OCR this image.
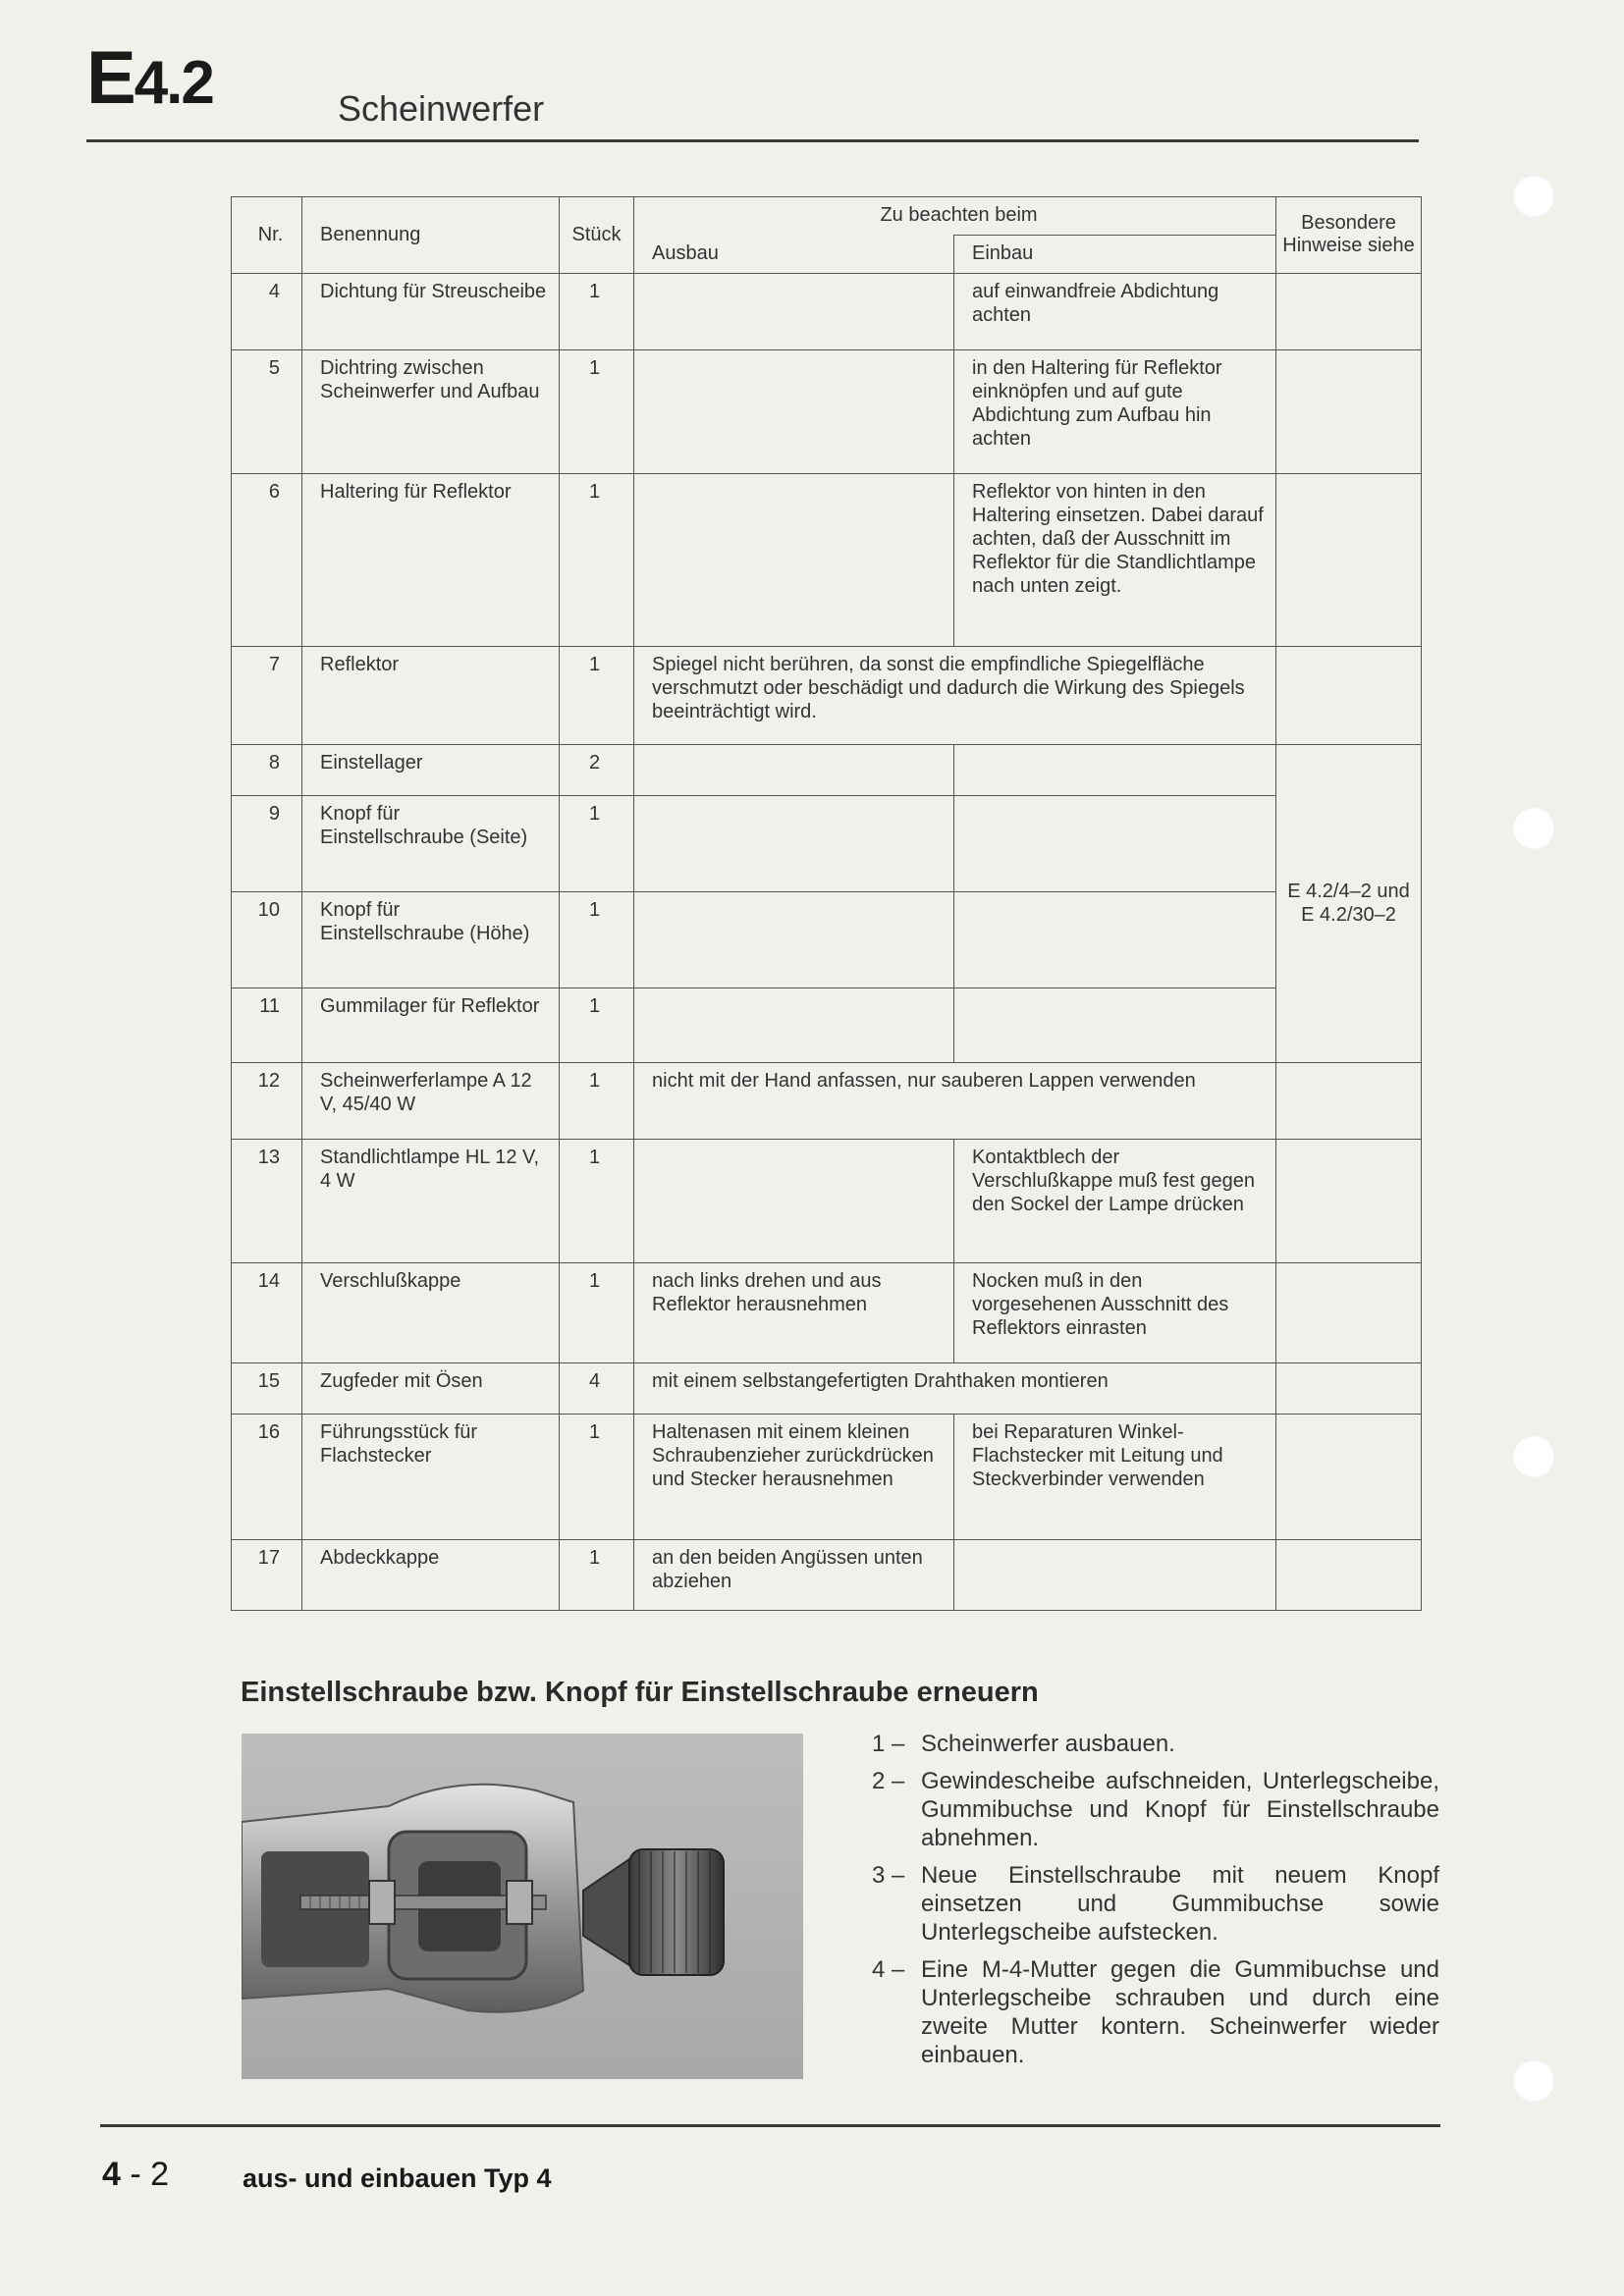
E4.2	Scheinwerfer
Nr.	Benennung	Stück	Zu beachten beim		Besondere Hinweise siehe
			Ausbau	Einbau	
4	Dichtung für Streuscheibe	1		auf einwandfreie Abdichtung achten	
5	Dichtring zwischen Scheinwerfer und Aufbau	1		in den Haltering für Reflektor einknöpfen und auf gute Abdichtung zum Aufbau hin achten	
6	Haltering für Reflektor	1		Reflektor von hinten in den Haltering einsetzen. Dabei darauf achten, daß der Ausschnitt im Reflektor für die Standlichtlampe nach unten zeigt.	
7	Reflektor	1	Spiegel nicht berühren, da sonst die empfindliche Spiegelfläche verschmutzt oder beschädigt und dadurch die Wirkung des Spiegels beeinträchtigt wird.		
8	Einstellager	2			E 4.2/4–2 und E 4.2/30–2
9	Knopf für Einstellschraube (Seite)	1			
10	Knopf für Einstellschraube (Höhe)	1			
11	Gummilager für Reflektor	1			
12	Scheinwerferlampe A 12 V, 45/40 W	1	nicht mit der Hand anfassen, nur sauberen Lappen verwenden		
13	Standlichtlampe HL 12 V, 4 W	1		Kontaktblech der Verschlußkappe muß fest gegen den Sockel der Lampe drücken	
14	Verschlußkappe	1	nach links drehen und aus Reflektor herausnehmen	Nocken muß in den vorgesehenen Ausschnitt des Reflektors einrasten	
15	Zugfeder mit Ösen	4	mit einem selbstangefertigten Drahthaken montieren		
16	Führungsstück für Flachstecker	1	Haltenasen mit einem kleinen Schraubenzieher zurückdrücken und Stecker herausnehmen	bei Reparaturen Winkel-Flachstecker mit Leitung und Steckverbinder verwenden	
17	Abdeckkappe	1	an den beiden Angüssen unten abziehen		
Einstellschraube bzw. Knopf für Einstellschraube erneuern
1 – Scheinwerfer ausbauen.
2 – Gewindescheibe aufschneiden, Unterlegscheibe, Gummibuchse und Knopf für Einstellschraube abnehmen.
3 – Neue Einstellschraube mit neuem Knopf einsetzen und Gummibuchse sowie Unterlegscheibe aufstecken.
4 – Eine M-4-Mutter gegen die Gummibuchse und Unterlegscheibe schrauben und durch eine zweite Mutter kontern. Scheinwerfer wieder einbauen.
4 - 2	aus- und einbauen Typ 4
